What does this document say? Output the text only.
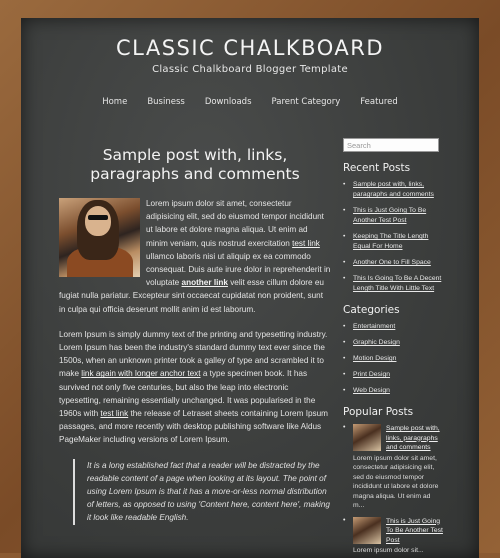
CLASSIC CHALKBOARD
Classic Chalkboard Blogger Template
Home Business Downloads Parent Category Featured
Sample post with, links, paragraphs and comments

Lorem ipsum dolor sit amet, consectetur adipisicing elit, sed do eiusmod tempor incididunt ut labore et dolore magna aliqua. Ut enim ad minim veniam, quis nostrud exercitation test link ullamco laboris nisi ut aliquip ex ea commodo consequat. Duis aute irure dolor in reprehenderit in voluptate another link velit esse cillum dolore eu fugiat nulla pariatur. Excepteur sint occaecat cupidatat non proident, sunt in culpa qui officia deserunt mollit anim id est laborum.

Lorem Ipsum is simply dummy text of the printing and typesetting industry. Lorem Ipsum has been the industry's standard dummy text ever since the 1500s, when an unknown printer took a galley of type and scrambled it to make link again with longer anchor text a type specimen book. It has survived not only five centuries, but also the leap into electronic typesetting, remaining essentially unchanged. It was popularised in the 1960s with test link the release of Letraset sheets containing Lorem Ipsum passages, and more recently with desktop publishing software like Aldus PageMaker including versions of Lorem Ipsum.

It is a long established fact that a reader will be distracted by the readable content of a page when looking at its layout. The point of using Lorem Ipsum is that it has a more-or-less normal distribution of letters, as opposed to using 'Content here, content here', making it look like readable English.
Search
Recent Posts
• Sample post with, links, paragraphs and comments
• This is Just Going To Be Another Test Post
• Keeping The Title Length Equal For Home
• Another One to Fill Space
• This Is Going To Be A Decent Length Title With Little Text
Categories
• Entertainment
• Graphic Design
• Motion Design
• Print Design
• Web Design
Popular Posts
• Sample post with, links, paragraphs and comments
Lorem ipsum dolor sit amet, consectetur adipisicing elit, sed do eiusmod tempor incididunt ut labore et dolore magna aliqua. Ut enim ad m...
• This is Just Going To Be Another Test Post
Lorem ipsum dolor sit...
